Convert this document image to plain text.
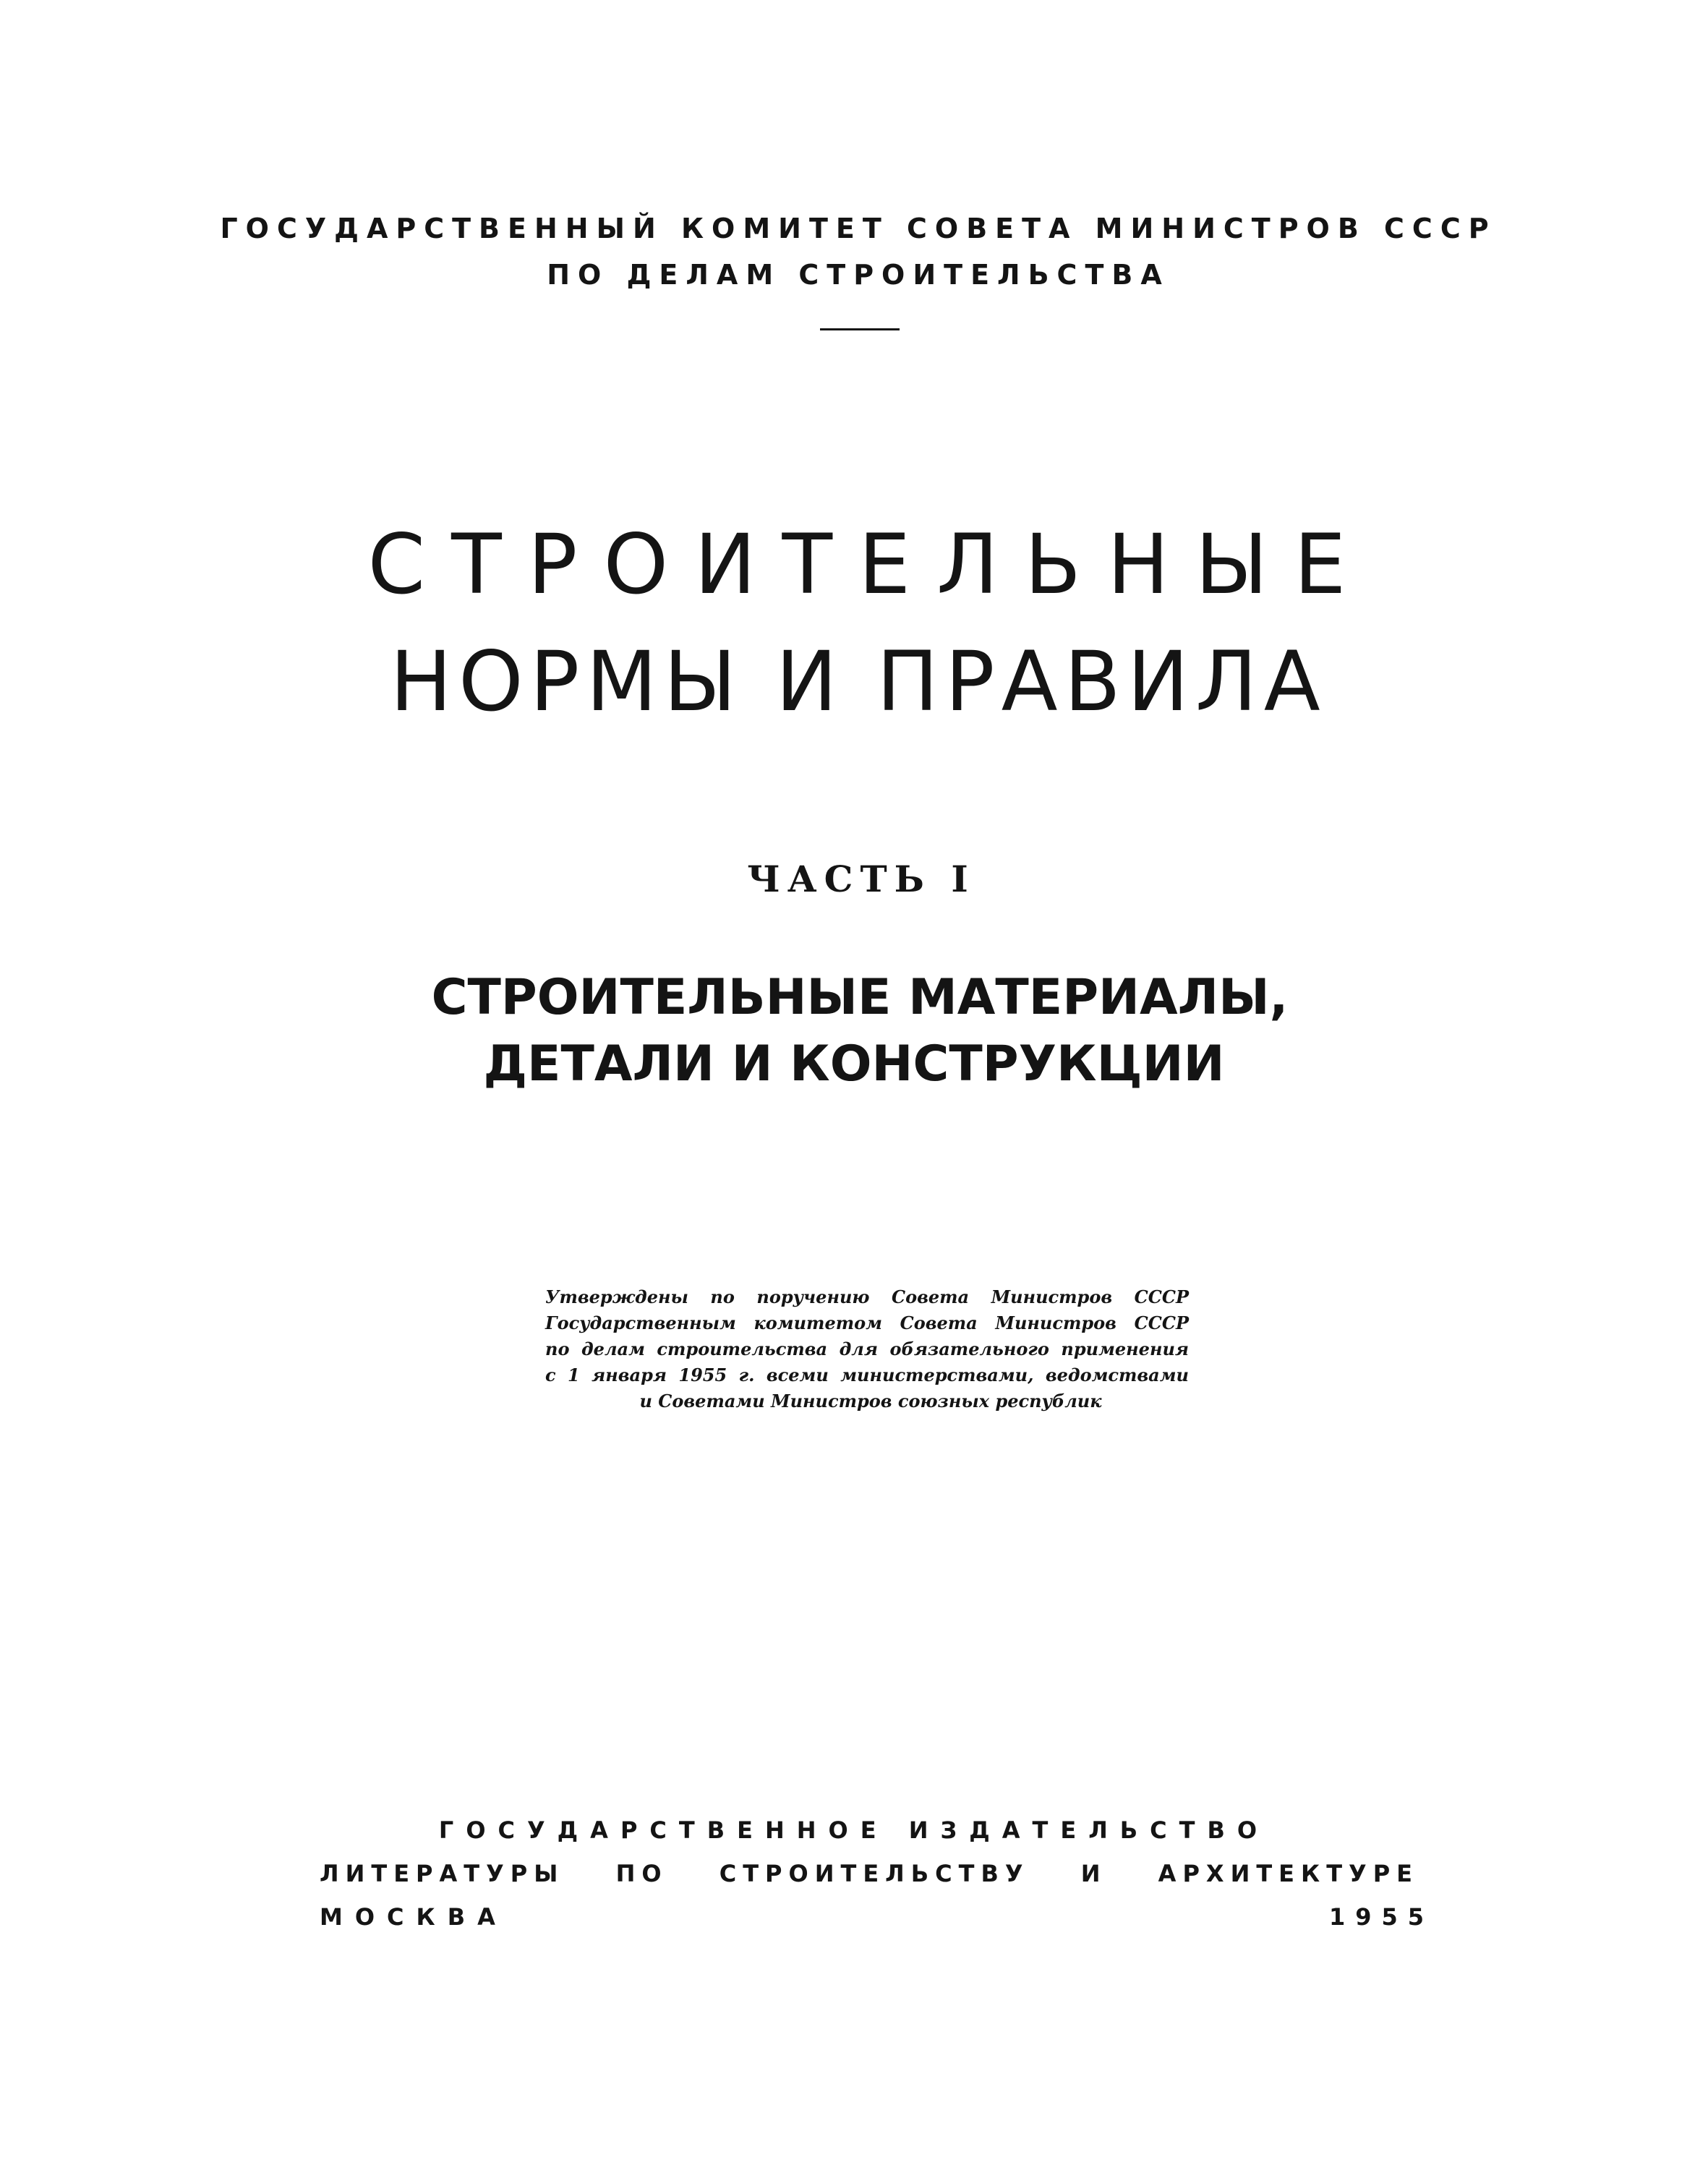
ГОСУДАРСТВЕННЫЙ КОМИТЕТ СОВЕТА МИНИСТРОВ СССР

ПО ДЕЛАМ СТРОИТЕЛЬСТВА

СТРОИТЕЛЬНЫЕ
НОРМЫ И ПРАВИЛА

ЧАСТЬ I

СТРОИТЕЛЬНЫЕ МАТЕРИАЛЫ,
ДЕТАЛИ И КОНСТРУКЦИИ
Утверждены по поручению Совета Министров СССР
Государственным комитетом Совета Министров СССР
по делам строительства для обязательного применения
с 1 января 1955 г. всеми министерствами, ведомствами
и Советами Министров союзных республик

ГОСУДАРСТВЕННОЕ ИЗДАТЕЛЬСТВО

ЛИТЕРАТУРЫ ПО СТРОИТЕЛЬСТВУ И АРХИТЕКТУРЕ

МОСКВА	1955
